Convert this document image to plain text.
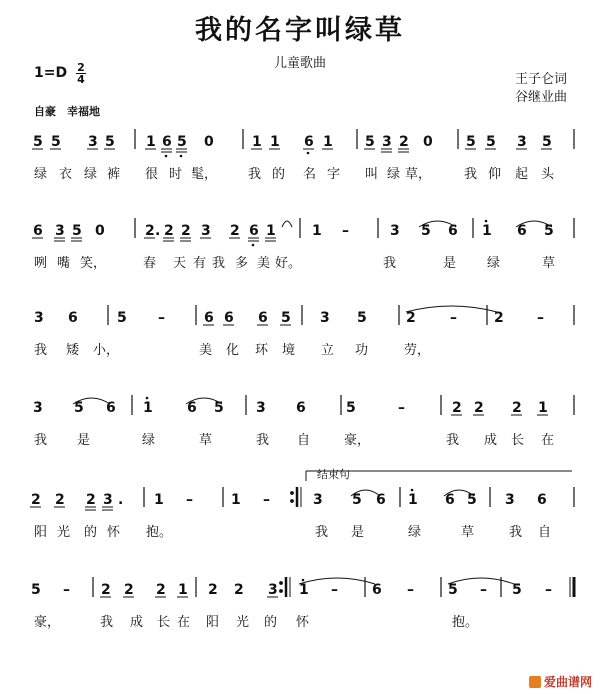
我的名字叫绿草
儿童歌曲
王子仑词
谷继业曲
1=D 2
4
自豪　幸福地
5 5 3 5 1 6 5 0	1 1 6 1 5 3 2 0 5 5 3 5
6 3 5 0	2 . 2 2 3 2 6 1	1 –	3 5 6 1 6 5
3 6	5 –	6 6 6 5 3 5	2 –	2 –
3 5 6 1 6 5 3 6	5	–	2 2 2 1
2 2 2 3 . 1 –	1 –	3 5 6 1 6 5 3 6
5 – 2 2 2 1 2 2 3 1 – 6 – 5 – 5 –
绿 衣 绿 裤 很 时 髦， 我 的 名 字 叫 绿 草，	我 仰 起 头
咧 嘴 笑，	春 天 有 我 多 美 好。	我	是 绿	草
我 矮 小，	美 化 环 境 立 功	劳，
我 是	绿	草	我 自	豪，	我 成 长 在
阳 光 的 怀 抱。	我 是	绿	草	我 自
豪，	我 成 长 在 阳 光 的 怀	抱。
结束句
爱曲谱网
